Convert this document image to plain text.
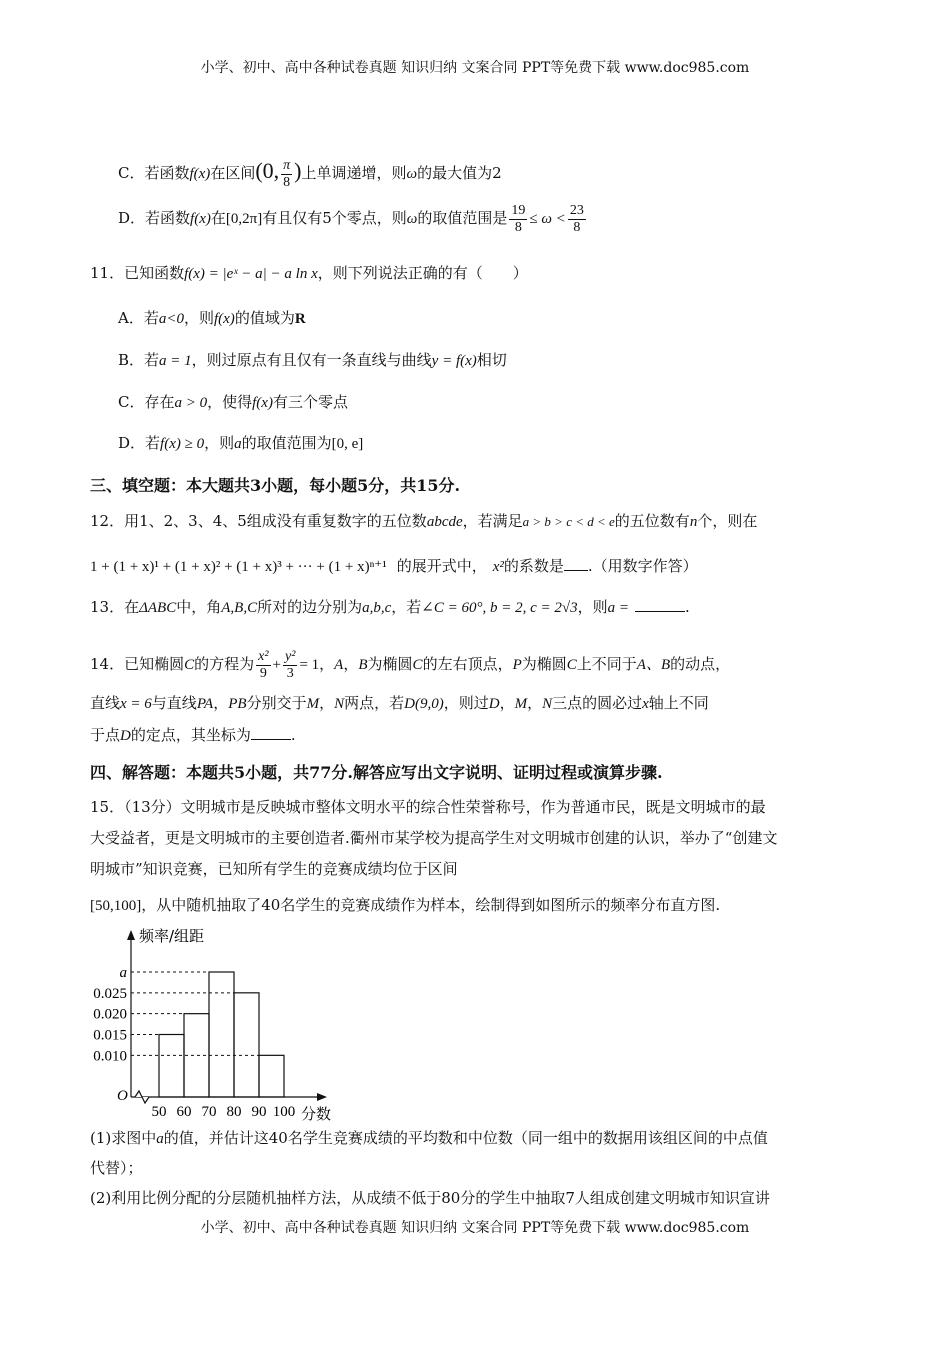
小学、初中、高中各种试卷真题 知识归纳 文案合同 PPT等免费下载 www.doc985.com
C．若函数f(x)在区间(0, $\frac{\pi}{8}$ )上单调递增，则ω的最大值为2
D．若函数f(x)在[0,2π]有且仅有5个零点，则ω的取值范围是 $\frac{19}{8} \le \omega < \frac{23}{8}$
11．已知函数f(x) = |eˣ − a| − a ln x，则下列说法正确的有（　　）
A．若a<0，则f(x)的值域为R
B．若a = 1，则过原点有且仅有一条直线与曲线y = f(x)相切
C．存在a > 0，使得f(x)有三个零点
D．若f(x) ≥ 0，则a的取值范围为[0, e]
三、填空题：本大题共3小题，每小题5分，共15分.
12．用1、2、3、4、5组成没有重复数字的五位数abcde，若满足a > b > c < d < e的五位数有n个，则在
1 + (1 + x)¹ + (1 + x)² + (1 + x)³ + ··· + (1 + x)ⁿ⁺¹ 的展开式中， x²的系数是 .（用数字作答）
13．在ΔABC中，角A,B,C所对的边分别为a,b,c，若∠C = 60°, b = 2, c = 2√3，则a =	.
14．已知椭圆C的方程为 $\frac{\text{x²}}{9} + \frac{\text{y²}}{3} = 1$，A，B为椭圆C的左右顶点，P为椭圆C上不同于A、B的动点，
直线x = 6与直线PA，PB分别交于M，N两点，若D(9,0)，则过D，M，N三点的圆必过x轴上不同
于点D的定点，其坐标为	.
四、解答题：本题共5小题，共77分.解答应写出文字说明、证明过程或演算步骤.
15．（13分）文明城市是反映城市整体文明水平的综合性荣誉称号，作为普通市民，既是文明城市的最
大受益者，更是文明城市的主要创造者.衢州市某学校为提高学生对文明城市创建的认识，举办了“创建文
明城市”知识竞赛，已知所有学生的竞赛成绩均位于区间
[50,100]，从中随机抽取了40名学生的竞赛成绩作为样本，绘制得到如图所示的频率分布直方图.
0.010
0.015
0.020
0.025
a
50 60 70 80 90 100
O
频率/组距
分数
(1)求图中a的值，并估计这40名学生竞赛成绩的平均数和中位数（同一组中的数据用该组区间的中点值
代替）；
(2)利用比例分配的分层随机抽样方法，从成绩不低于80分的学生中抽取7人组成创建文明城市知识宣讲
小学、初中、高中各种试卷真题 知识归纳 文案合同 PPT等免费下载 www.doc985.com
